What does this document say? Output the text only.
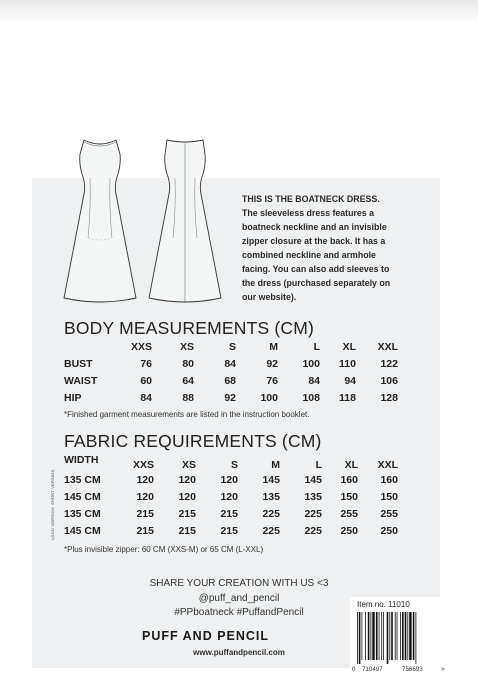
THIS IS THE BOATNECK DRESS.
The sleeveless dress features a
boatneck neckline and an invisible
zipper closure at the back. It has a
combined neckline and armhole
facing. You can also add sleeves to
the dress (purchased separately on
our website).
BODY MEASUREMENTS (CM)
	XXS	XS	S	M	L	XL	XXL
BUST	76	80	84	92	100	110	122
WAIST	60	64	68	76	84	94	106
HIP	84	88	92	100	108	118	128
*Finished garment measurements are listed in the instruction booklet.
FABRIC REQUIREMENTS (CM)
SHORT VERSION
LONG VERSION
WIDTH	XXS	XS	S	M	L	XL	XXL
135 CM	120	120	120	145	145	160	160
145 CM	120	120	120	135	135	150	150
135 CM	215	215	215	225	225	255	255
145 CM	215	215	215	225	225	250	250
*Plus invisible zipper: 60 CM (XXS-M) or 65 CM (L-XXL)
SHARE YOUR CREATION WITH US <3
@puff_and_pencil
#PPboatneck #PuffandPencil
PUFF AND PENCIL
www.puffandpencil.com
Item no. 11010
0 710497	756693	>
